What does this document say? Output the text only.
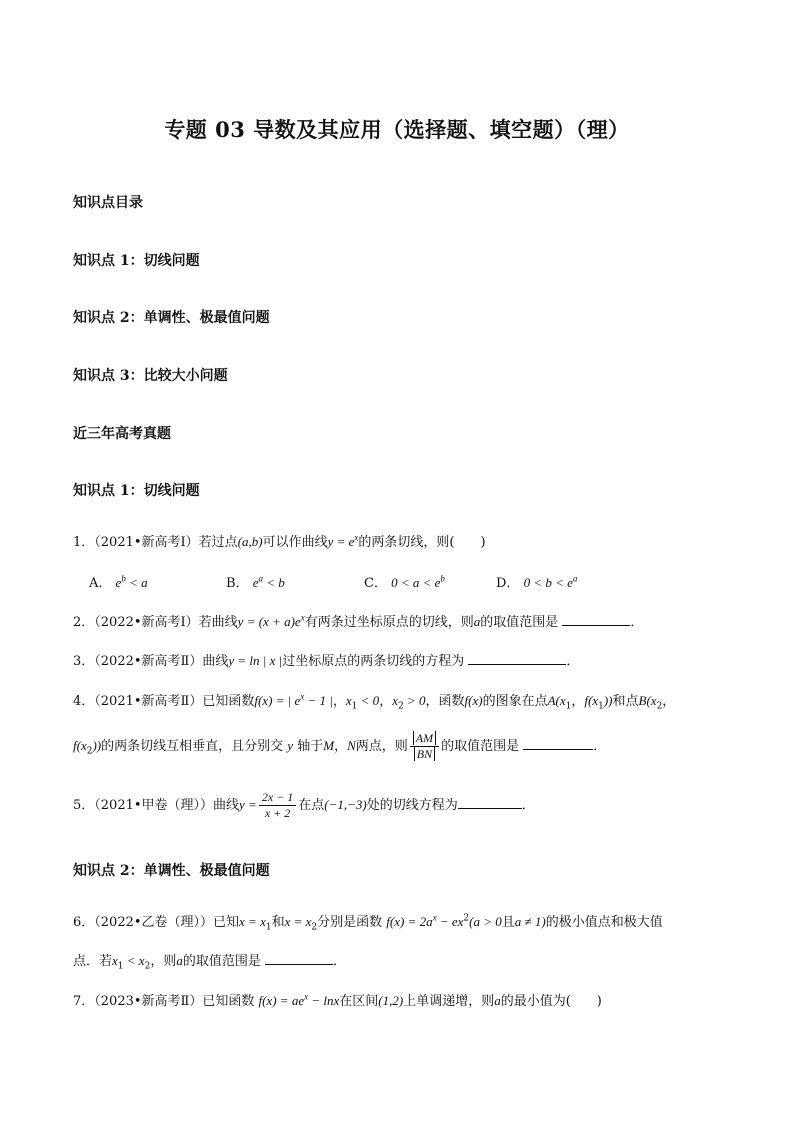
专题 03 导数及其应用（选择题、填空题）（理）
知识点目录
知识点 1：切线问题
知识点 2：单调性、极最值问题
知识点 3：比较大小问题
近三年高考真题
知识点 1：切线问题
1．（2021•新高考Ⅰ）若过点(a,b)可以作曲线$y = e^x$的两条切线，则(　　)
A． $e^b < a$	B． $e^a < b$	C． $0 < a < e^b$	D． $0 < b < e^a$
2．（2022•新高考Ⅰ）若曲线$y = (x + a)e^x$有两条过坐标原点的切线，则a的取值范围是	．
3．（2022•新高考Ⅱ）曲线y = ln | x |过坐标原点的两条切线的方程为	．
4．（2021•新高考Ⅱ）已知函数f(x) = | $e^x - 1$ |，$x_1 < 0$，$x_2 > 0$，函数f(x)的图象在点$A(x_1$，$f(x_1)$)和点$B(x_2$，
$f(x_2)$)的两条切线互相垂直，且分别交 y 轴于M，N两点，则 $\frac{AM}{BN}$ 的取值范围是	．
5．（2021•甲卷（理））曲线$y = \frac{2x - 1}{x + 2}$ 在点(−1,−3)处的切线方程为	．
知识点 2：单调性、极最值问题
6．（2022•乙卷（理））已知$x = x_1$和$x = x_2$分别是函数 $f(x) = 2a^x - ex^2(a > 0$且a ≠ 1)的极小值点和极大值
点．若$x_1 < x_2$，则a的取值范围是	．
7．（2023•新高考Ⅱ）已知函数 $f(x) = ae^x - \ln x$在区间(1,2)上单调递增，则a的最小值为(　　)
